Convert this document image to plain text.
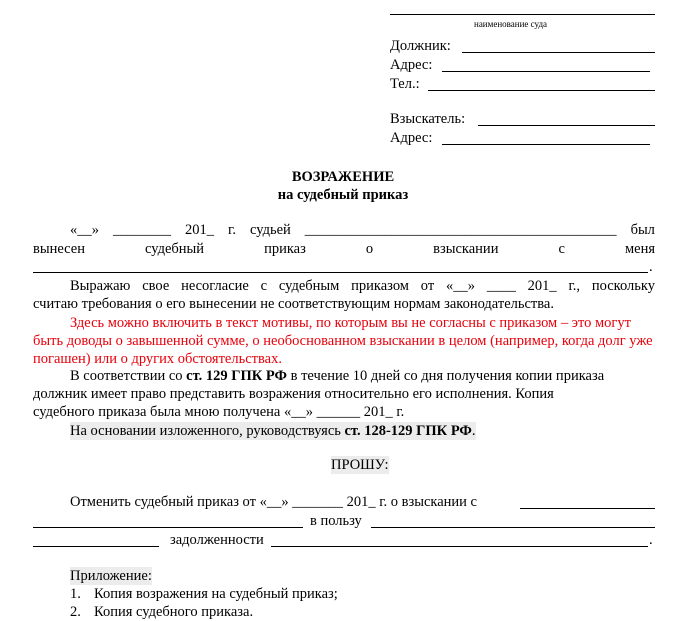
наименование суда
Должник:
Адрес:
Тел.:
Взыскатель:
Адрес:
ВОЗРАЖЕНИЕ
на судебный приказ
«__» ________ 201_ г. судьей ___________________________________________ был
вынесен	судебный	приказ	о	взыскании	с	меня
.
Выражаю свое несогласие с судебным приказом от «__» ____ 201_ г., поскольку
считаю требования о его вынесении не соответствующим нормам законодательства.
Здесь можно включить в текст мотивы, по которым вы не согласны с приказом – это могут
быть доводы о завышенной сумме, о необоснованном взыскании в целом (например, когда долг уже
погашен) или о других обстоятельствах.
В соответствии со ст. 129 ГПК РФ в течение 10 дней со дня получения копии приказа
должник имеет право представить возражения относительно его исполнения. Копия
судебного приказа была мною получена «__» ______ 201_ г.
На основании изложенного, руководствуясь ст. 128-129 ГПК РФ.
ПРОШУ:
Отменить судебный приказ от «__» _______ 201_ г. о взыскании с
в пользу
задолженности	.
Приложение:
1. Копия возражения на судебный приказ;
2. Копия судебного приказа.
